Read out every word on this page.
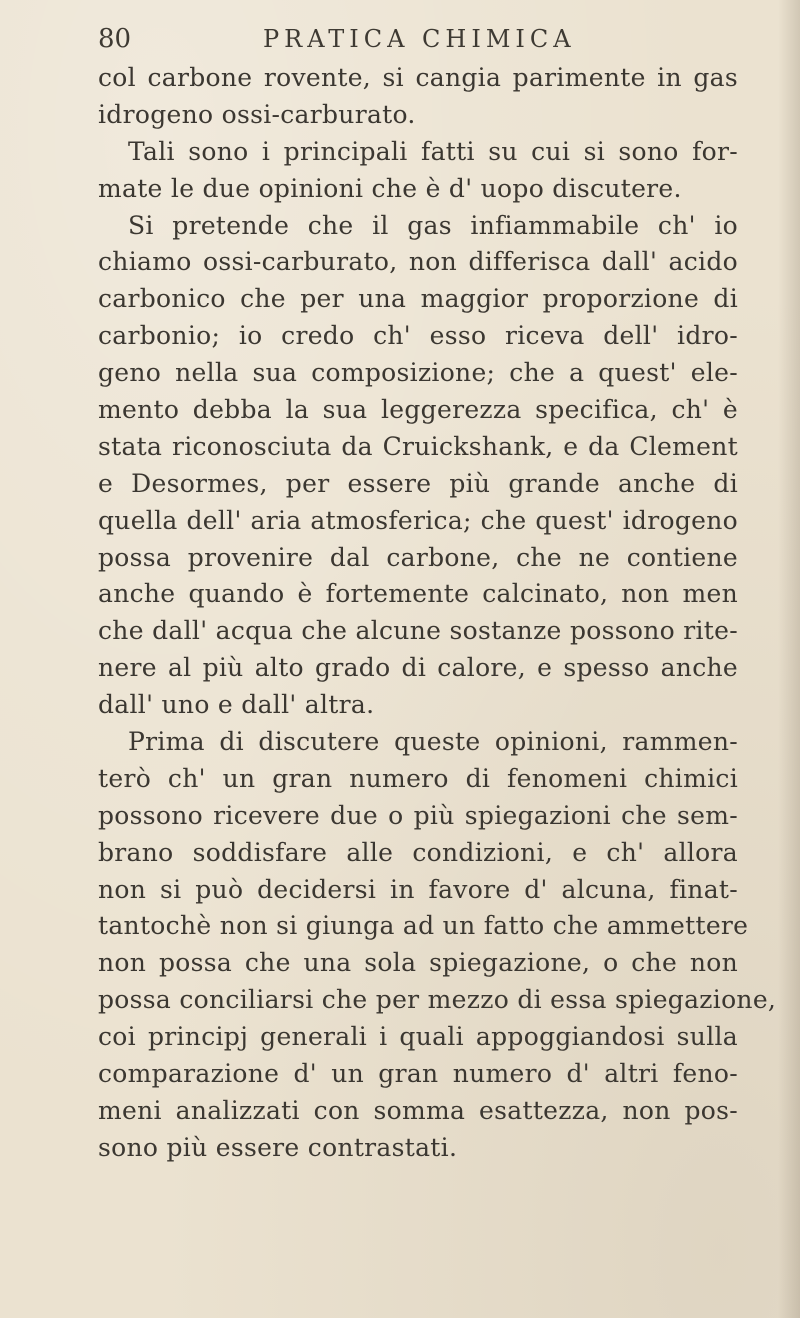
80	PRATICA CHIMICA
col carbone rovente, si cangia parimente in gas
idrogeno ossi-carburato.
Tali sono i principali fatti su cui si sono for-
mate le due opinioni che è d' uopo discutere.
Si pretende che il gas infiammabile ch' io
chiamo ossi-carburato, non differisca dall' acido
carbonico che per una maggior proporzione di
carbonio; io credo ch' esso riceva dell' idro-
geno nella sua composizione; che a quest' ele-
mento debba la sua leggerezza specifica, ch' è
stata riconosciuta da Cruickshank, e da Clement
e Desormes, per essere più grande anche di
quella dell' aria atmosferica; che quest' idrogeno
possa provenire dal carbone, che ne contiene
anche quando è fortemente calcinato, non men
che dall' acqua che alcune sostanze possono rite-
nere al più alto grado di calore, e spesso anche
dall' uno e dall' altra.
Prima di discutere queste opinioni, rammen-
terò ch' un gran numero di fenomeni chimici
possono ricevere due o più spiegazioni che sem-
brano soddisfare alle condizioni, e ch' allora
non si può decidersi in favore d' alcuna, finat-
tantochè non si giunga ad un fatto che ammettere
non possa che una sola spiegazione, o che non
possa conciliarsi che per mezzo di essa spiegazione,
coi principj generali i quali appoggiandosi sulla
comparazione d' un gran numero d' altri feno-
meni analizzati con somma esattezza, non pos-
sono più essere contrastati.
